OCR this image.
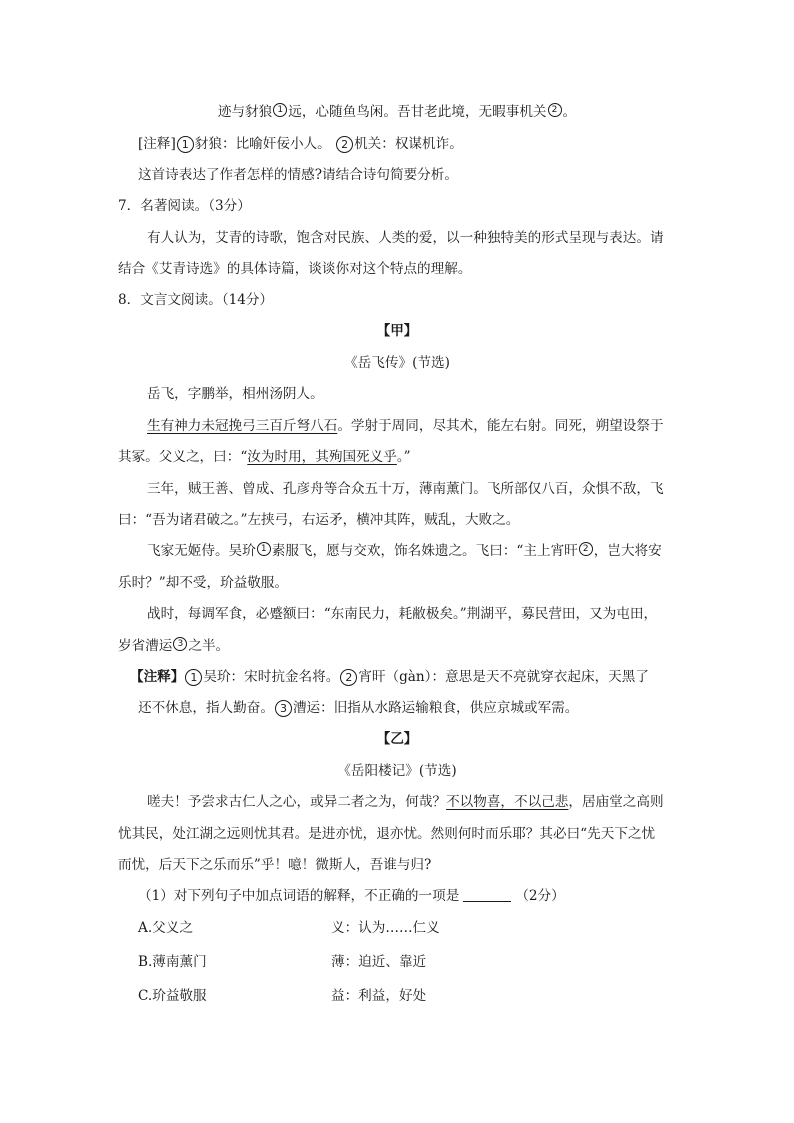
迹与豺狼 1 远，心随鱼鸟闲。吾甘老此境，无暇事机关 2 。
[注释] 1 豺狼：比喻奸佞小人。 2 机关：权谋机诈。
这首诗表达了作者怎样的情感?请结合诗句简要分析。
7．名著阅读。（3分）
有人认为，艾青的诗歌，饱含对民族、人类的爱，以一种独特美的形式呈现与表达。请
结合《艾青诗选》的具体诗篇，谈谈你对这个特点的理解。
8．文言文阅读。（14分）
【甲】
《岳飞传》(节选)
岳飞，字鹏举，相州汤阴人。
生有神力未冠挽弓三百斤弩八石。学射于周同，尽其术，能左右射。同死，朔望设祭于
其冢。父义之，曰：“汝为时用，其殉国死义乎。”
三年，贼王善、曾成、孔彦舟等合众五十万，薄南薰门。飞所部仅八百，众惧不敌，飞
曰：“吾为诸君破之。”左挟弓，右运矛，横冲其阵，贼乱，大败之。
飞家无姬侍。吴玠 1 素服飞，愿与交欢，饰名姝遗之。飞曰：“主上宵旰 2 ，岂大将安
乐时？”却不受，玠益敬服。
战时，每调军食，必蹙额曰：“东南民力，耗敝极矣。”荆湖平，募民营田，又为屯田，
岁省漕运 3 之半。
【注释】 1 吴玠：宋时抗金名将。 2 宵旰（gàn）：意思是天不亮就穿衣起床，天黑了
还不休息，指人勤奋。 3 漕运：旧指从水路运输粮食，供应京城或军需。
【乙】
《岳阳楼记》(节选)
嗟夫！予尝求古仁人之心，或异二者之为，何哉？不以物喜，不以己悲，居庙堂之高则
忧其民，处江湖之远则忧其君。是进亦忧，退亦忧。然则何时而乐耶？其必曰“先天下之忧
而忧，后天下之乐而乐”乎！噫！微斯人，吾谁与归?
（1）对下列句子中加点词语的解释，不正确的一项是	（2分）
A.父义之	义：认为……仁义
B.薄南薰门	薄：迫近、靠近
C.玠益敬服	益：利益，好处
